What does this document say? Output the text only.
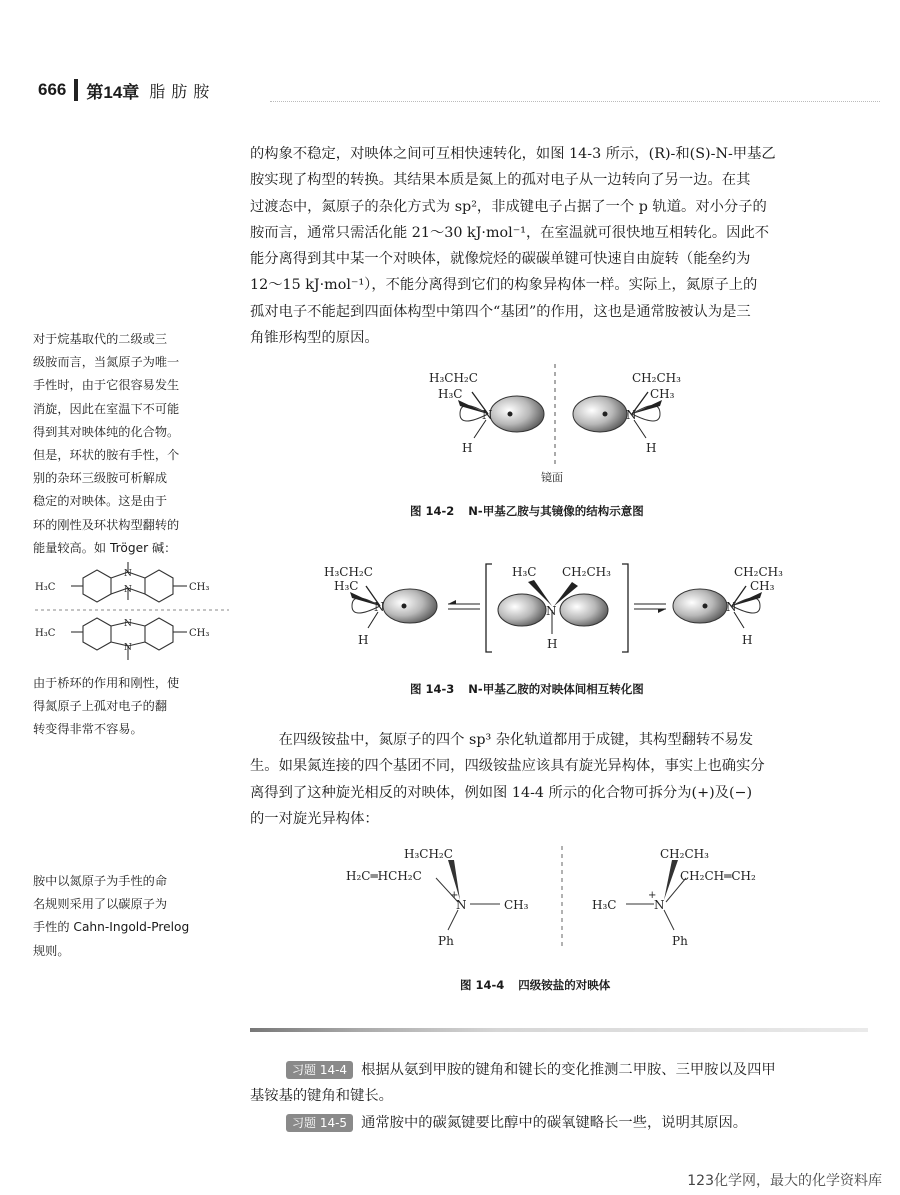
666 第14章 脂肪胺
的构象不稳定，对映体之间可互相快速转化，如图 14-3 所示，(R)-和(S)-N-甲基乙
胺实现了构型的转换。其结果本质是氮上的孤对电子从一边转向了另一边。在其
过渡态中，氮原子的杂化方式为 sp²，非成键电子占据了一个 p 轨道。对小分子的
胺而言，通常只需活化能 21～30 kJ·mol⁻¹，在室温就可很快地互相转化。因此不
能分离得到其中某一个对映体，就像烷烃的碳碳单键可快速自由旋转（能垒约为
12～15 kJ·mol⁻¹），不能分离得到它们的构象异构体一样。实际上，氮原子上的
孤对电子不能起到四面体构型中第四个“基团”的作用，这也是通常胺被认为是三
角锥形构型的原因。
对于烷基取代的二级或三
级胺而言，当氮原子为唯一
手性时，由于它很容易发生
消旋，因此在室温下不可能
得到其对映体纯的化合物。
但是，环状的胺有手性，个
别的杂环三级胺可析解成
稳定的对映体。这是由于
环的刚性及环状构型翻转的
能量较高。如 Tröger 碱：
H₃C	CH₃
N
N
H₃C	CH₃
N
N
由于桥环的作用和刚性，使
得氮原子上孤对电子的翻
转变得非常不容易。
胺中以氮原子为手性的命
名规则采用了以碳原子为
手性的 Cahn-Ingold-Prelog
规则。
H₃CH₂C
H₃C
N
H
CH₂CH₃
CH₃
N
H
镜面
图 14-2 N-甲基乙胺与其镜像的结构示意图
H₃CH₂C
H₃C
N
H
H₃C CH₂CH₃
N
H
CH₂CH₃
CH₃
N
H
图 14-3 N-甲基乙胺的对映体间相互转化图
在四级铵盐中，氮原子的四个 sp³ 杂化轨道都用于成键，其构型翻转不易发
生。如果氮连接的四个基团不同，四级铵盐应该具有旋光异构体，事实上也确实分
离得到了这种旋光相反的对映体，例如图 14-4 所示的化合物可拆分为(+)及(−)
的一对旋光异构体：
H₃CH₂C
H₂C═HCH₂C
N
+
CH₃
Ph
CH₂CH₃
CH₂CH═CH₂
N
+
H₃C
Ph
图 14-4 四级铵盐的对映体
习题 14-4 根据从氨到甲胺的键角和键长的变化推测二甲胺、三甲胺以及四甲
基铵基的键角和键长。
习题 14-5 通常胺中的碳氮键要比醇中的碳氧键略长一些，说明其原因。
123化学网，最大的化学资料库
